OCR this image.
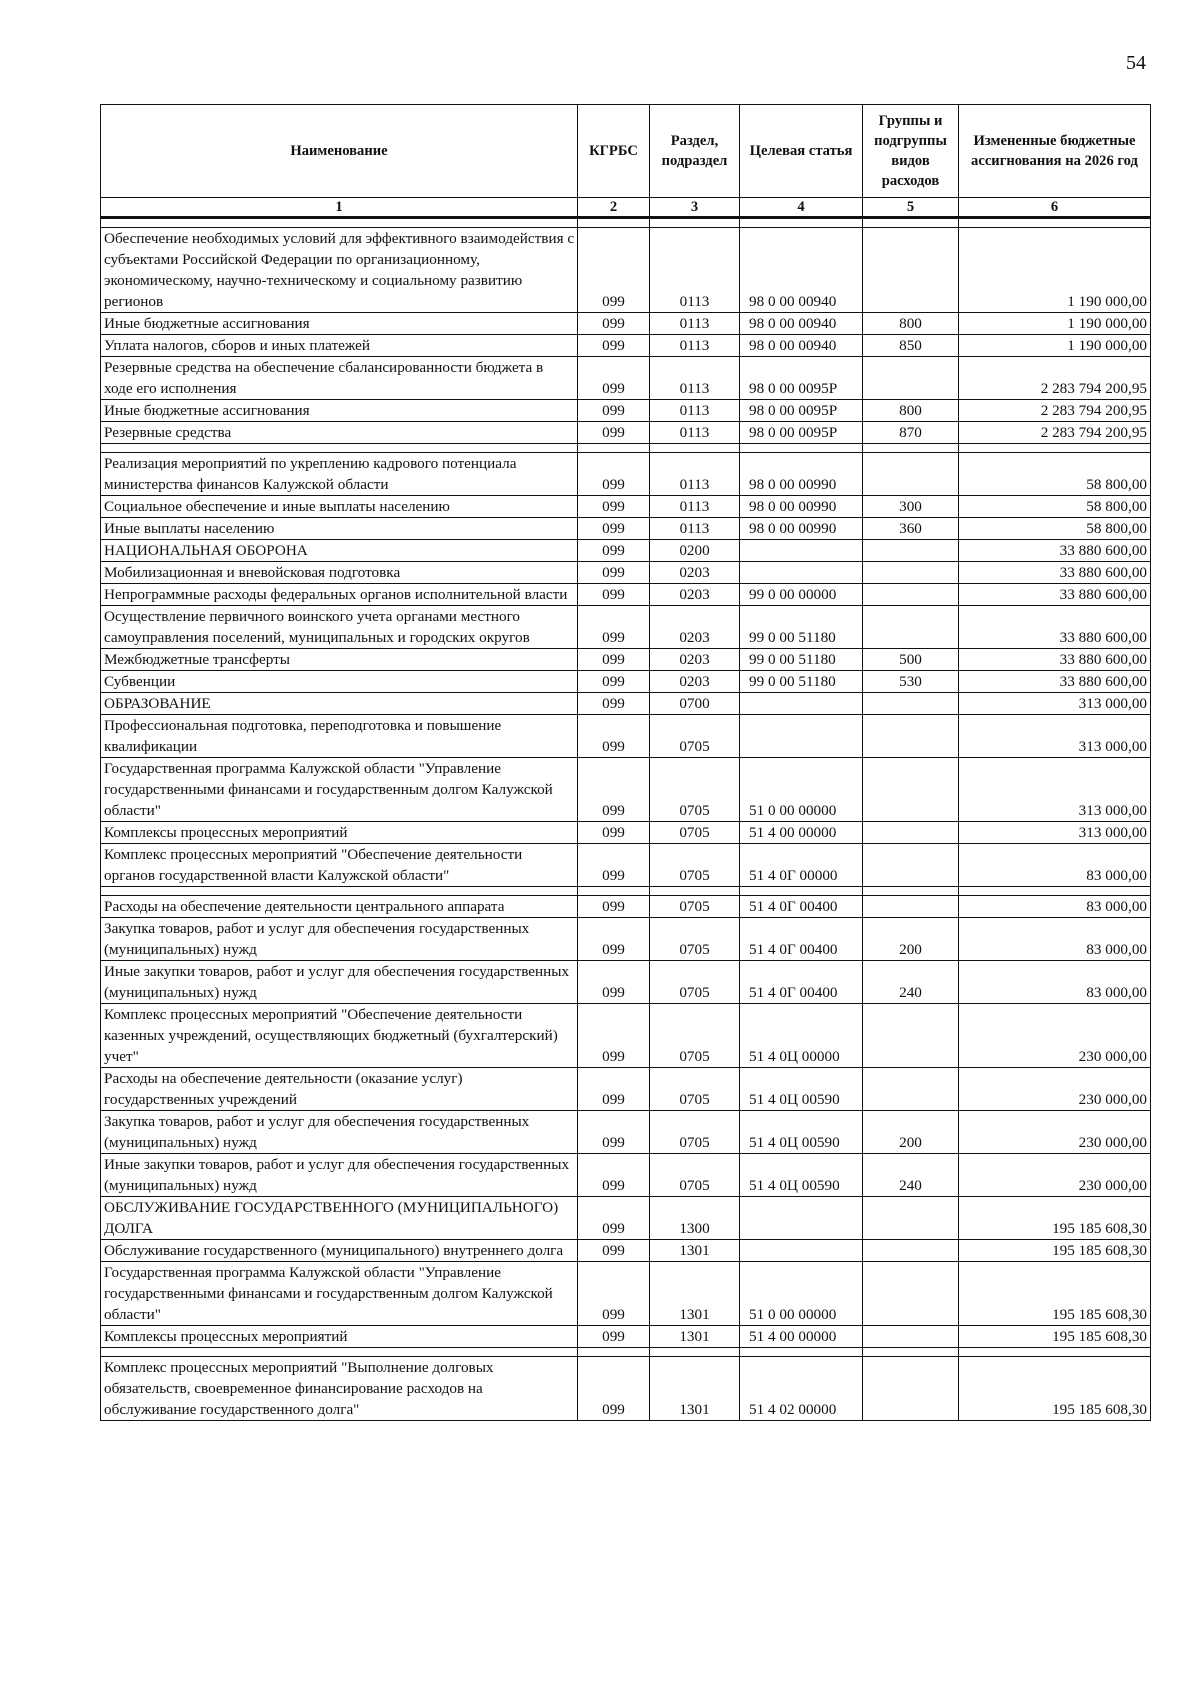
54
Наименование	КГРБС	Раздел, подраздел	Целевая статья	Группы и подгруппы видов расходов	Измененные бюджетные ассигнования на 2026 год
1	2	3	4	5	6

Обеспечение необходимых условий для эффективного взаимодействия с субъектами Российской Федерации по организационному, экономическому, научно-техническому и социальному развитию регионов	099	0113	98 0 00 00940		1 190 000,00
Иные бюджетные ассигнования	099	0113	98 0 00 00940	800	1 190 000,00
Уплата налогов, сборов и иных платежей	099	0113	98 0 00 00940	850	1 190 000,00
Резервные средства на обеспечение сбалансированности бюджета в ходе его исполнения	099	0113	98 0 00 0095Р		2 283 794 200,95
Иные бюджетные ассигнования	099	0113	98 0 00 0095Р	800	2 283 794 200,95
Резервные средства	099	0113	98 0 00 0095Р	870	2 283 794 200,95

Реализация мероприятий по укреплению кадрового потенциала министерства финансов Калужской области	099	0113	98 0 00 00990		58 800,00
Социальное обеспечение и иные выплаты населению	099	0113	98 0 00 00990	300	58 800,00
Иные выплаты населению	099	0113	98 0 00 00990	360	58 800,00
НАЦИОНАЛЬНАЯ ОБОРОНА	099	0200			33 880 600,00
Мобилизационная и вневойсковая подготовка	099	0203			33 880 600,00
Непрограммные расходы федеральных органов исполнительной власти	099	0203	99 0 00 00000		33 880 600,00
Осуществление первичного воинского учета органами местного самоуправления поселений, муниципальных и городских округов	099	0203	99 0 00 51180		33 880 600,00
Межбюджетные трансферты	099	0203	99 0 00 51180	500	33 880 600,00
Субвенции	099	0203	99 0 00 51180	530	33 880 600,00
ОБРАЗОВАНИЕ	099	0700			313 000,00
Профессиональная подготовка, переподготовка и повышение квалификации	099	0705			313 000,00
Государственная программа Калужской области "Управление государственными финансами и государственным долгом Калужской области"	099	0705	51 0 00 00000		313 000,00
Комплексы процессных мероприятий	099	0705	51 4 00 00000		313 000,00
Комплекс процессных мероприятий "Обеспечение деятельности органов государственной власти Калужской области"	099	0705	51 4 0Г 00000		83 000,00

Расходы на обеспечение деятельности центрального аппарата	099	0705	51 4 0Г 00400		83 000,00
Закупка товаров, работ и услуг для обеспечения государственных (муниципальных) нужд	099	0705	51 4 0Г 00400	200	83 000,00
Иные закупки товаров, работ и услуг для обеспечения государственных (муниципальных) нужд	099	0705	51 4 0Г 00400	240	83 000,00
Комплекс процессных мероприятий "Обеспечение деятельности казенных учреждений, осуществляющих бюджетный (бухгалтерский) учет"	099	0705	51 4 0Ц 00000		230 000,00
Расходы на обеспечение деятельности (оказание услуг) государственных учреждений	099	0705	51 4 0Ц 00590		230 000,00
Закупка товаров, работ и услуг для обеспечения государственных (муниципальных) нужд	099	0705	51 4 0Ц 00590	200	230 000,00
Иные закупки товаров, работ и услуг для обеспечения государственных (муниципальных) нужд	099	0705	51 4 0Ц 00590	240	230 000,00
ОБСЛУЖИВАНИЕ ГОСУДАРСТВЕННОГО (МУНИЦИПАЛЬНОГО) ДОЛГА	099	1300			195 185 608,30
Обслуживание государственного (муниципального) внутреннего долга	099	1301			195 185 608,30
Государственная программа Калужской области "Управление государственными финансами и государственным долгом Калужской области"	099	1301	51 0 00 00000		195 185 608,30
Комплексы процессных мероприятий	099	1301	51 4 00 00000		195 185 608,30

Комплекс процессных мероприятий "Выполнение долговых обязательств, своевременное финансирование расходов на обслуживание государственного долга"	099	1301	51 4 02 00000		195 185 608,30
